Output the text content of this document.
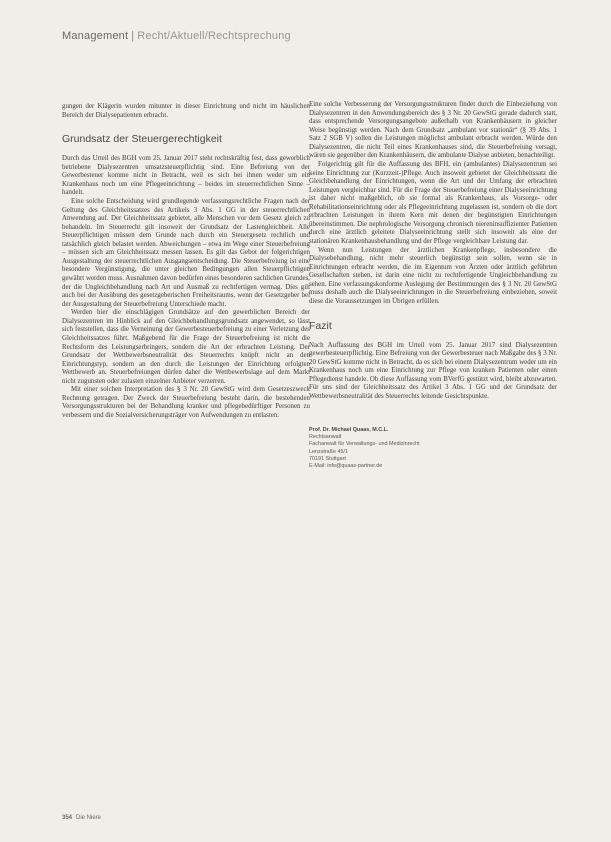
Management | Recht/Aktuell/Rechtsprechung

gungen der Klägerin wurden mitunter in dieser Einrichtung und nicht im häuslichen Bereich der Dialysepatienten erbracht.

Grundsatz der Steuergerechtigkeit

Durch das Urteil des BGH vom 25. Januar 2017 steht rechtskräftig fest, dass gewerblich betriebene Dialysezentren umsatzsteuerpflichtig sind. Eine Befreiung von der Gewerbesteuer komme nicht in Betracht, weil es sich bei ihnen weder um ein Krankenhaus noch um eine Pflegeeinrichtung – beides im steuerrechtlichen Sinne – handelt.

Eine solche Entscheidung wird grundlegende verfassungsrechtliche Fragen nach der Geltung des Gleichheitssatzes des Artikels 3 Abs. 1 GG in der steuerrechtlichen Anwendung auf. Der Gleichheitssatz gebietet, alle Menschen vor dem Gesetz gleich zu behandeln. Im Steuerrecht gilt insoweit der Grundsatz der Lastengleichheit. Alle Steuerpflichtigen müssen dem Grunde nach durch ein Steuergesetz rechtlich und tatsächlich gleich belastet werden. Abweichungen – etwa im Wege einer Steuerbefreiung – müssen sich am Gleichheitssatz messen lassen. Es gilt das Gebot der folgerichtigen Ausgestaltung der steuerrechtlichen Ausgangsentscheidung. Die Steuerbefreiung ist eine besondere Vergünstigung, die unter gleichen Bedingungen allen Steuerpflichtigen gewährt werden muss. Ausnahmen davon bedürfen eines besonderen sachlichen Grundes, der die Ungleichbehandlung nach Art und Ausmaß zu rechtfertigen vermag. Dies gilt auch bei der Ausübung des gesetzgeberischen Freiheitsraums, wenn der Gesetzgeber bei der Ausgestaltung der Steuerbefreiung Unterschiede macht.

Werden hier die einschlägigen Grundsätze auf den gewerblichen Bereich der Dialysezentren im Hinblick auf den Gleichbehandlungsgrundsatz angewendet, so lässt sich feststellen, dass die Verneinung der Gewerbesteuerbefreiung zu einer Verletzung des Gleichheitssatzes führt. Maßgebend für die Frage der Steuerbefreiung ist nicht die Rechtsform des Leistungserbringers, sondern die Art der erbrachten Leistung. Der Grundsatz der Wettbewerbsneutralität des Steuerrechts knüpft nicht an den Einrichtungstyp, sondern an den durch die Leistungen der Einrichtung erfolgten Wettbewerb an. Steuerbefreiungen dürfen daher die Wettbewerbslage auf dem Markt nicht zugunsten oder zulasten einzelner Anbieter verzerren.

Mit einer solchen Interpretation des § 3 Nr. 20 GewStG wird dem Gesetzeszweck Rechnung getragen. Der Zweck der Steuerbefreiung besteht darin, die bestehenden Versorgungsstrukturen bei der Behandlung kranker und pflegebedürftiger Personen zu verbessern und die Sozialversicherungsträger von Aufwendungen zu entlasten.

Eine solche Verbesserung der Versorgungsstrukturen findet durch die Einbeziehung von Dialysezentren in den Anwendungsbereich des § 3 Nr. 20 GewStG gerade dadurch statt, dass entsprechende Versorgungsangebote außerhalb von Krankenhäusern in gleicher Weise begünstigt werden. Nach dem Grundsatz „ambulant vor stationär“ (§ 39 Abs. 1 Satz 2 SGB V) sollen die Leistungen möglichst ambulant erbracht werden. Würde den Dialysezentren, die nicht Teil eines Krankenhauses sind, die Steuerbefreiung versagt, wären sie gegenüber den Krankenhäusern, die ambulante Dialyse anbieten, benachteiligt.

Folgerichtig gilt für die Auffassung des BFH, ein (ambulantes) Dialysezentrum sei keine Einrichtung zur (Kurzzeit-)Pflege. Auch insoweit gebietet der Gleichheitssatz die Gleichbehandlung der Einrichtungen, wenn die Art und der Umfang der erbrachten Leistungen vergleichbar sind. Für die Frage der Steuerbefreiung einer Dialyseeinrichtung ist daher nicht maßgeblich, ob sie formal als Krankenhaus, als Vorsorge- oder Rehabilitationseinrichtung oder als Pflegeeinrichtung zugelassen ist, sondern ob die dort erbrachten Leistungen in ihrem Kern mit denen der begünstigten Einrichtungen übereinstimmen. Die nephrologische Versorgung chronisch niereninsuffizienter Patienten durch eine ärztlich geleitete Dialyseeinrichtung stellt sich insoweit als eine der stationären Krankenhausbehandlung und der Pflege vergleichbare Leistung dar.

Wenn nun Leistungen der ärztlichen Krankenpflege, insbesondere die Dialysebehandlung, nicht mehr steuerlich begünstigt sein sollen, wenn sie in Einrichtungen erbracht werden, die im Eigentum von Ärzten oder ärztlich geführten Gesellschaften stehen, ist darin eine nicht zu rechtfertigende Ungleichbehandlung zu sehen. Eine verfassungskonforme Auslegung der Bestimmungen des § 3 Nr. 20 GewStG muss deshalb auch die Dialyseeinrichtungen in die Steuerbefreiung einbeziehen, soweit diese die Voraussetzungen im Übrigen erfüllen.

Fazit

Nach Auffassung des BGH im Urteil vom 25. Januar 2017 sind Dialysezentren gewerbesteuerpflichtig. Eine Befreiung von der Gewerbesteuer nach Maßgabe des § 3 Nr. 20 GewStG komme nicht in Betracht, da es sich bei einem Dialysezentrum weder um ein Krankenhaus noch um eine Einrichtung zur Pflege von kranken Patienten oder einen Pflegedienst handele. Ob diese Auffassung vom BVerfG gestützt wird, bleibt abzuwarten. Für uns sind der Gleichheitssatz des Artikel 3 Abs. 1 GG und der Grundsatz der Wettbewerbsneutralität des Steuerrechts leitende Gesichtspunkte.

Prof. Dr. Michael Quaas, M.C.L.
Rechtsanwalt
Fachanwalt für Verwaltungs- und Medizinrecht
Lenzstraße 45/1
70191 Stuttgart
E-Mail: info@quaas-partner.de
354 Die Niere
